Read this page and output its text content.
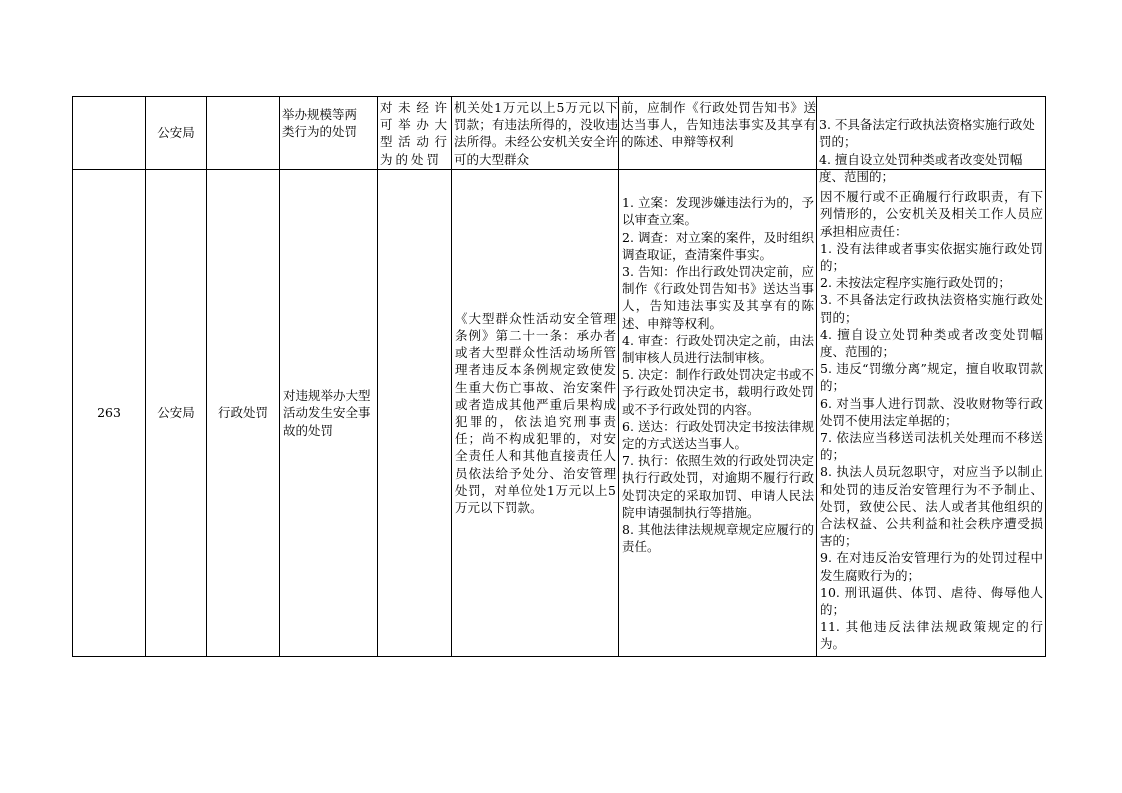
公安局

举办规模等两
类行为的处罚

对未经许可举办大型活动行为的处罚
机关处1万元以上5万元以下罚款；有违法所得的，没收违法所得。未经公安机关安全许可的大型群众
前，应制作《行政处罚告知书》送达当事人，告知违法事实及其享有的陈述、申辩等权利

3. 不具备法定行政执法资格实施行政处罚的；
4. 擅自设立处罚种类或者改变处罚幅度、范围的；

263	公安局 行政处罚
对违规举办大型活动发生安全事故的处罚
《大型群众性活动安全管理条例》第二十一条：承办者或者大型群众性活动场所管理者违反本条例规定致使发生重大伤亡事故、治安案件或者造成其他严重后果构成犯罪的，依法追究刑事责任；尚不构成犯罪的，对安全责任人和其他直接责任人员依法给予处分、治安管理处罚，对单位处1万元以上5万元以下罚款。

1. 立案：发现涉嫌违法行为的，予以审查立案。
2. 调查：对立案的案件，及时组织调查取证，查清案件事实。
3. 告知：作出行政处罚决定前，应制作《行政处罚告知书》送达当事人，告知违法事实及其享有的陈述、申辩等权利。
4. 审查：行政处罚决定之前，由法制审核人员进行法制审核。
5. 决定：制作行政处罚决定书或不予行政处罚决定书，载明行政处罚或不予行政处罚的内容。
6. 送达：行政处罚决定书按法律规定的方式送达当事人。
7. 执行：依照生效的行政处罚决定执行行政处罚，对逾期不履行行政处罚决定的采取加罚、申请人民法院申请强制执行等措施。
8. 其他法律法规规章规定应履行的责任。

因不履行或不正确履行行政职责，有下列情形的，公安机关及相关工作人员应承担相应责任：
1. 没有法律或者事实依据实施行政处罚的；
2. 未按法定程序实施行政处罚的；
3. 不具备法定行政执法资格实施行政处罚的；
4. 擅自设立处罚种类或者改变处罚幅度、范围的；
5. 违反“罚缴分离”规定，擅自收取罚款的；
6. 对当事人进行罚款、没收财物等行政处罚不使用法定单据的；
7. 依法应当移送司法机关处理而不移送的；
8. 执法人员玩忽职守，对应当予以制止和处罚的违反治安管理行为不予制止、处罚，致使公民、法人或者其他组织的合法权益、公共利益和社会秩序遭受损害的；
9. 在对违反治安管理行为的处罚过程中发生腐败行为的；
10. 刑讯逼供、体罚、虐待、侮辱他人的；
11. 其他违反法律法规政策规定的行为。
